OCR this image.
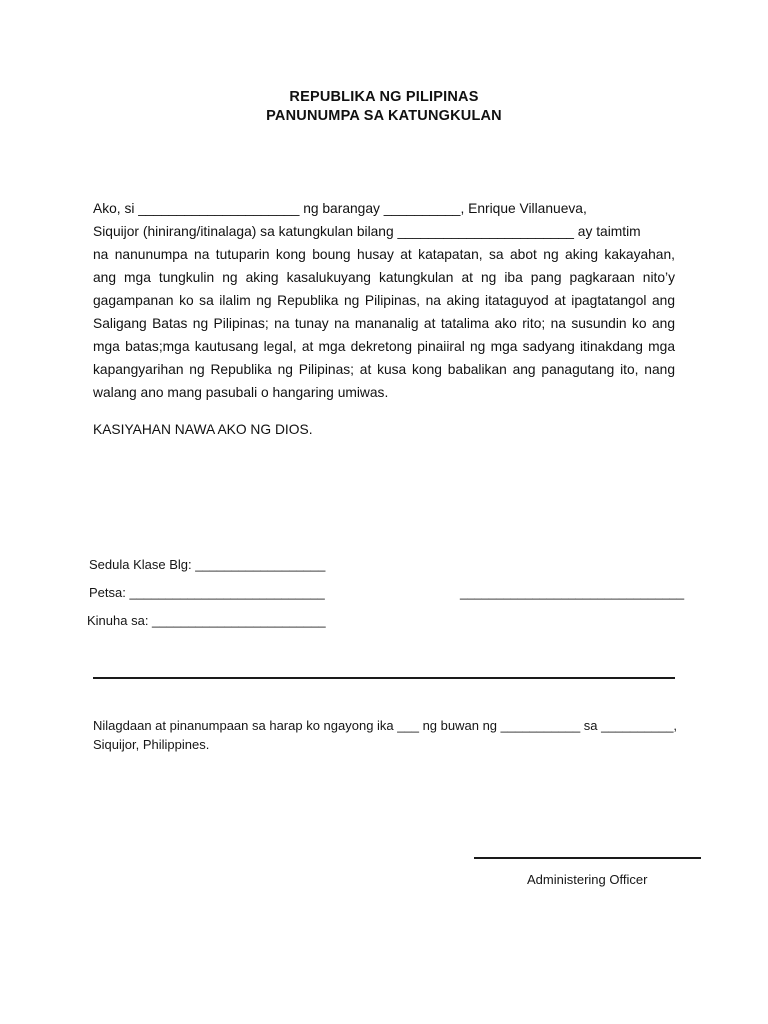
REPUBLIKA NG PILIPINAS
PANUNUMPA SA KATUNGKULAN
Ako, si _____________________ ng barangay __________, Enrique Villanueva,
Siquijor (hinirang/itinalaga) sa katungkulan bilang _______________________ ay taimtim
na nanunumpa na tutuparin kong boung husay at katapatan, sa abot ng aking kakayahan,
ang mga tungkulin ng aking kasalukuyang katungkulan at ng iba pang pagkaraan nito’y
gagampanan ko sa ilalim ng Republika ng Pilipinas, na aking itataguyod at ipagtatangol ang
Saligang Batas ng Pilipinas; na tunay na mananalig at tatalima ako rito; na susundin ko ang
mga batas;mga kautusang legal, at mga dekretong pinaiiral ng mga sadyang itinakdang mga
kapangyarihan ng Republika ng Pilipinas; at kusa kong babalikan ang panagutang ito, nang
walang ano mang pasubali o hangaring umiwas.
KASIYAHAN NAWA AKO NG DIOS.
Sedula Klase Blg: __________________
Petsa: ___________________________
Kinuha sa: ________________________
_______________________________
Nilagdaan at pinanumpaan sa harap ko ngayong ika ___ ng buwan ng ___________ sa __________,
Siquijor, Philippines.
Administering Officer
